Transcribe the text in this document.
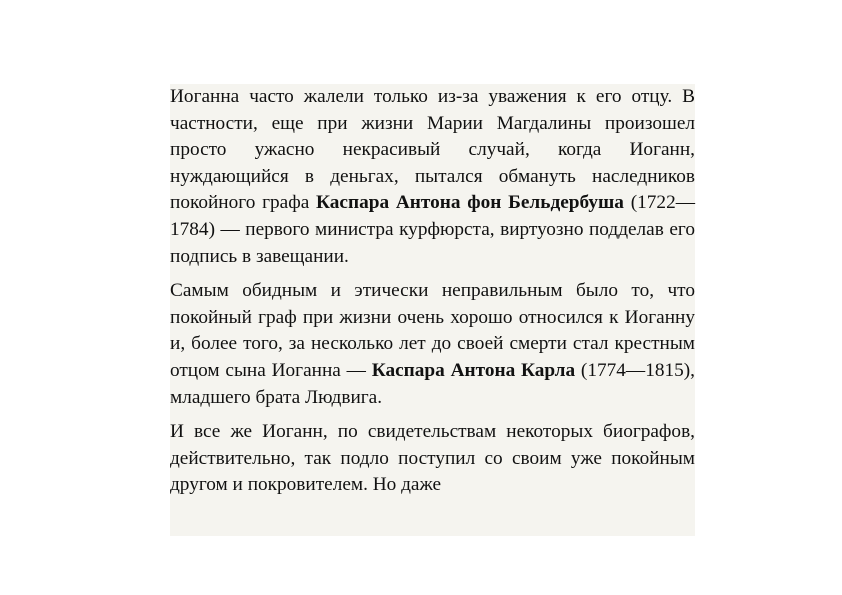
Иоганна часто жалели только из-за уважения к его отцу. В частности, еще при жизни Марии Магдалины произошел просто ужасно некрасивый случай, когда Иоганн, нуждающийся в деньгах, пытался обмануть наследников покойного графа Каспара Антона фон Бельдербуша (1722—1784) — первого министра курфюрста, виртуозно подделав его подпись в завещании.

Самым обидным и этически неправильным было то, что покойный граф при жизни очень хорошо относился к Иоганну и, более того, за несколько лет до своей смерти стал крестным отцом сына Иоганна — Каспара Антона Карла (1774—1815), младшего брата Людвига.

И все же Иоганн, по свидетельствам некоторых биографов, действительно, так подло поступил со своим уже покойным другом и покровителем. Но даже
